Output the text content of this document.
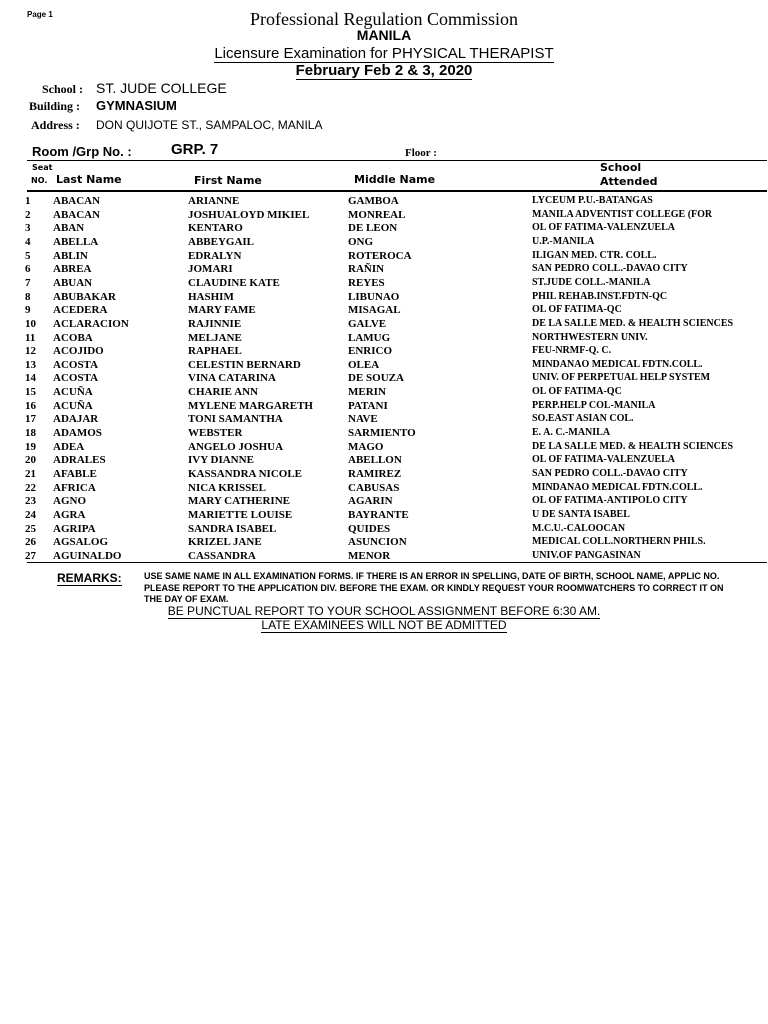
Page 1	Professional Regulation Commission
MANILA
Licensure Examination for PHYSICAL THERAPIST
February Feb 2 & 3, 2020
School : ST. JUDE COLLEGE
Building : GYMNASIUM
Address : DON QUIJOTE ST., SAMPALOC, MANILA
Room /Grp No. :	GRP. 7	Floor :
Seat
NO. Last Name	First Name	Middle Name
School
Attended
1 ABACAN	ARIANNE	GAMBOA	LYCEUM P.U.-BATANGAS
2 ABACAN	JOSHUALOYD MIKIEL	MONREAL	MANILA ADVENTIST COLLEGE (FOR
3 ABAN	KENTARO	DE LEON	OL OF FATIMA-VALENZUELA
4 ABELLA	ABBEYGAIL	ONG	U.P.-MANILA
5 ABLIN	EDRALYN	ROTEROCA	ILIGAN MED. CTR. COLL.
6 ABREA	JOMARI	RAÑIN	SAN PEDRO COLL.-DAVAO CITY
7 ABUAN	CLAUDINE KATE	REYES	ST.JUDE COLL.-MANILA
8 ABUBAKAR	HASHIM	LIBUNAO	PHIL REHAB.INST.FDTN-QC
9 ACEDERA	MARY FAME	MISAGAL	OL OF FATIMA-QC
10 ACLARACION	RAJINNIE	GALVE	DE LA SALLE MED. & HEALTH SCIENCES
11 ACOBA	MELJANE	LAMUG	NORTHWESTERN UNIV.
12 ACOJIDO	RAPHAEL	ENRICO	FEU-NRMF-Q. C.
13 ACOSTA	CELESTIN BERNARD	OLEA	MINDANAO MEDICAL FDTN.COLL.
14 ACOSTA	VINA CATARINA	DE SOUZA	UNIV. OF PERPETUAL HELP SYSTEM
15 ACUÑA	CHARIE ANN	MERIN	OL OF FATIMA-QC
16 ACUÑA	MYLENE MARGARETH	PATANI	PERP.HELP COL-MANILA
17 ADAJAR	TONI SAMANTHA	NAVE	SO.EAST ASIAN COL.
18 ADAMOS	WEBSTER	SARMIENTO	E. A. C.-MANILA
19 ADEA	ANGELO JOSHUA	MAGO	DE LA SALLE MED. & HEALTH SCIENCES
20 ADRALES	IVY DIANNE	ABELLON	OL OF FATIMA-VALENZUELA
21 AFABLE	KASSANDRA NICOLE	RAMIREZ	SAN PEDRO COLL.-DAVAO CITY
22 AFRICA	NICA KRISSEL	CABUSAS	MINDANAO MEDICAL FDTN.COLL.
23 AGNO	MARY CATHERINE	AGARIN	OL OF FATIMA-ANTIPOLO CITY
24 AGRA	MARIETTE LOUISE	BAYRANTE	U DE SANTA ISABEL
25 AGRIPA	SANDRA ISABEL	QUIDES	M.C.U.-CALOOCAN
26 AGSALOG	KRIZEL JANE	ASUNCION	MEDICAL COLL.NORTHERN PHILS.
27 AGUINALDO	CASSANDRA	MENOR	UNIV.OF PANGASINAN
REMARKS: USE SAME NAME IN ALL EXAMINATION FORMS. IF THERE IS AN ERROR IN SPELLING, DATE OF BIRTH, SCHOOL NAME, APPLIC NO. PLEASE REPORT TO THE APPLICATION DIV. BEFORE THE EXAM. OR KINDLY REQUEST YOUR ROOMWATCHERS TO CORRECT IT ON THE DAY OF EXAM.
BE PUNCTUAL REPORT TO YOUR SCHOOL ASSIGNMENT BEFORE 6:30 AM.
LATE EXAMINEES WILL NOT BE ADMITTED
